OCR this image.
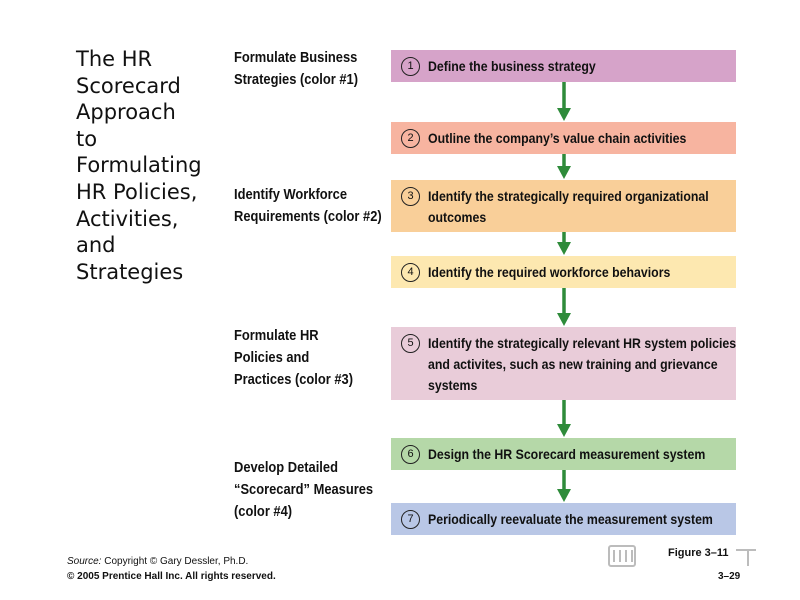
The HR
Scorecard
Approach
to
Formulating
HR Policies,
Activities,
and
Strategies
Formulate Business
Strategies (color #1)
Identify Workforce
Requirements (color #2)
Formulate HR
Policies and
Practices (color #3)
Develop Detailed
“Scorecard” Measures
(color #4)
1	Define the business strategy
2	Outline the company’s value chain activities
3	Identify the strategically required organizational
outcomes
4	Identify the required workforce behaviors
5	Identify the strategically relevant HR system policies
and activites, such as new training and grievance
systems
6	Design the HR Scorecard measurement system
7	Periodically reevaluate the measurement system
Source: Copyright © Gary Dessler, Ph.D.
© 2005 Prentice Hall Inc. All rights reserved.
Figure 3–11
3–29
